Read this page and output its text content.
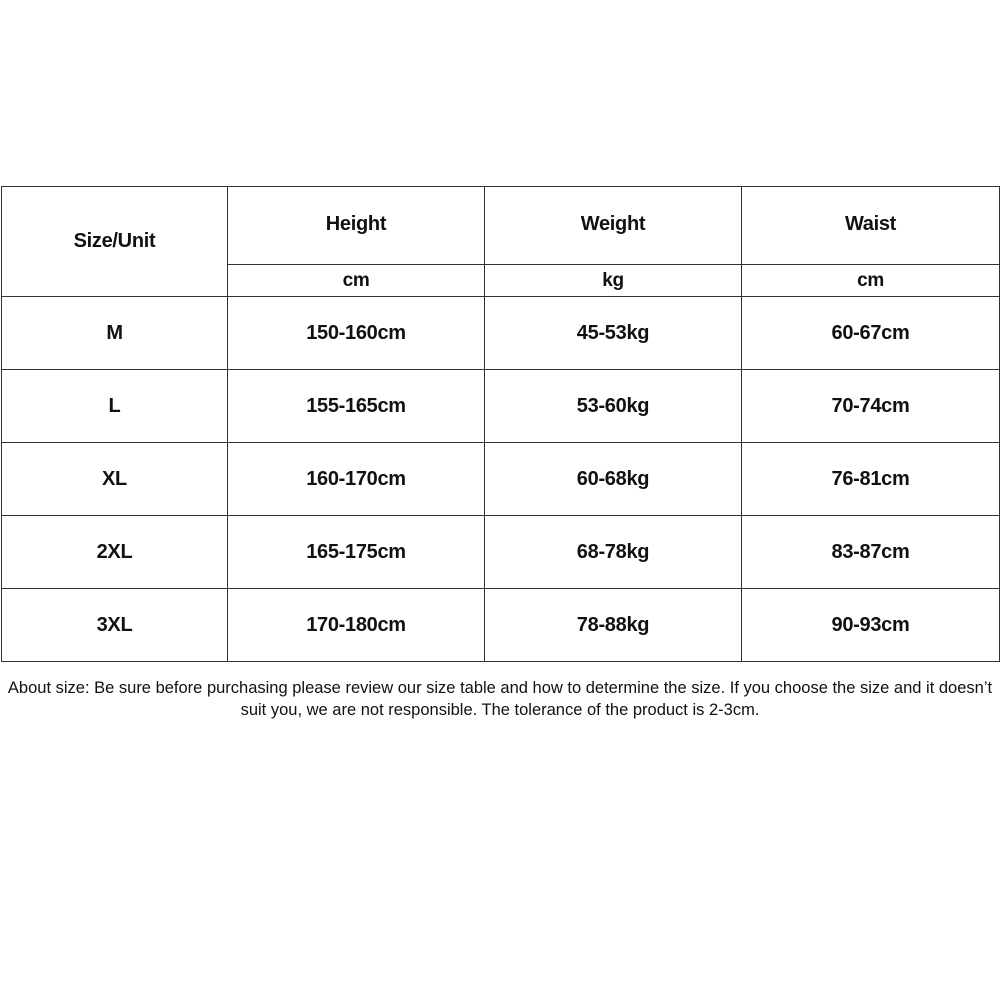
Size/Unit	Height	Weight	Waist
	cm	kg	cm
M	150-160cm	45-53kg	60-67cm
L	155-165cm	53-60kg	70-74cm
XL	160-170cm	60-68kg	76-81cm
2XL	165-175cm	68-78kg	83-87cm
3XL	170-180cm	78-88kg	90-93cm
About size: Be sure before purchasing please review our size table and how to determine the size. If you choose the size and it doesn’t suit you, we are not responsible. The tolerance of the product is 2-3cm.
